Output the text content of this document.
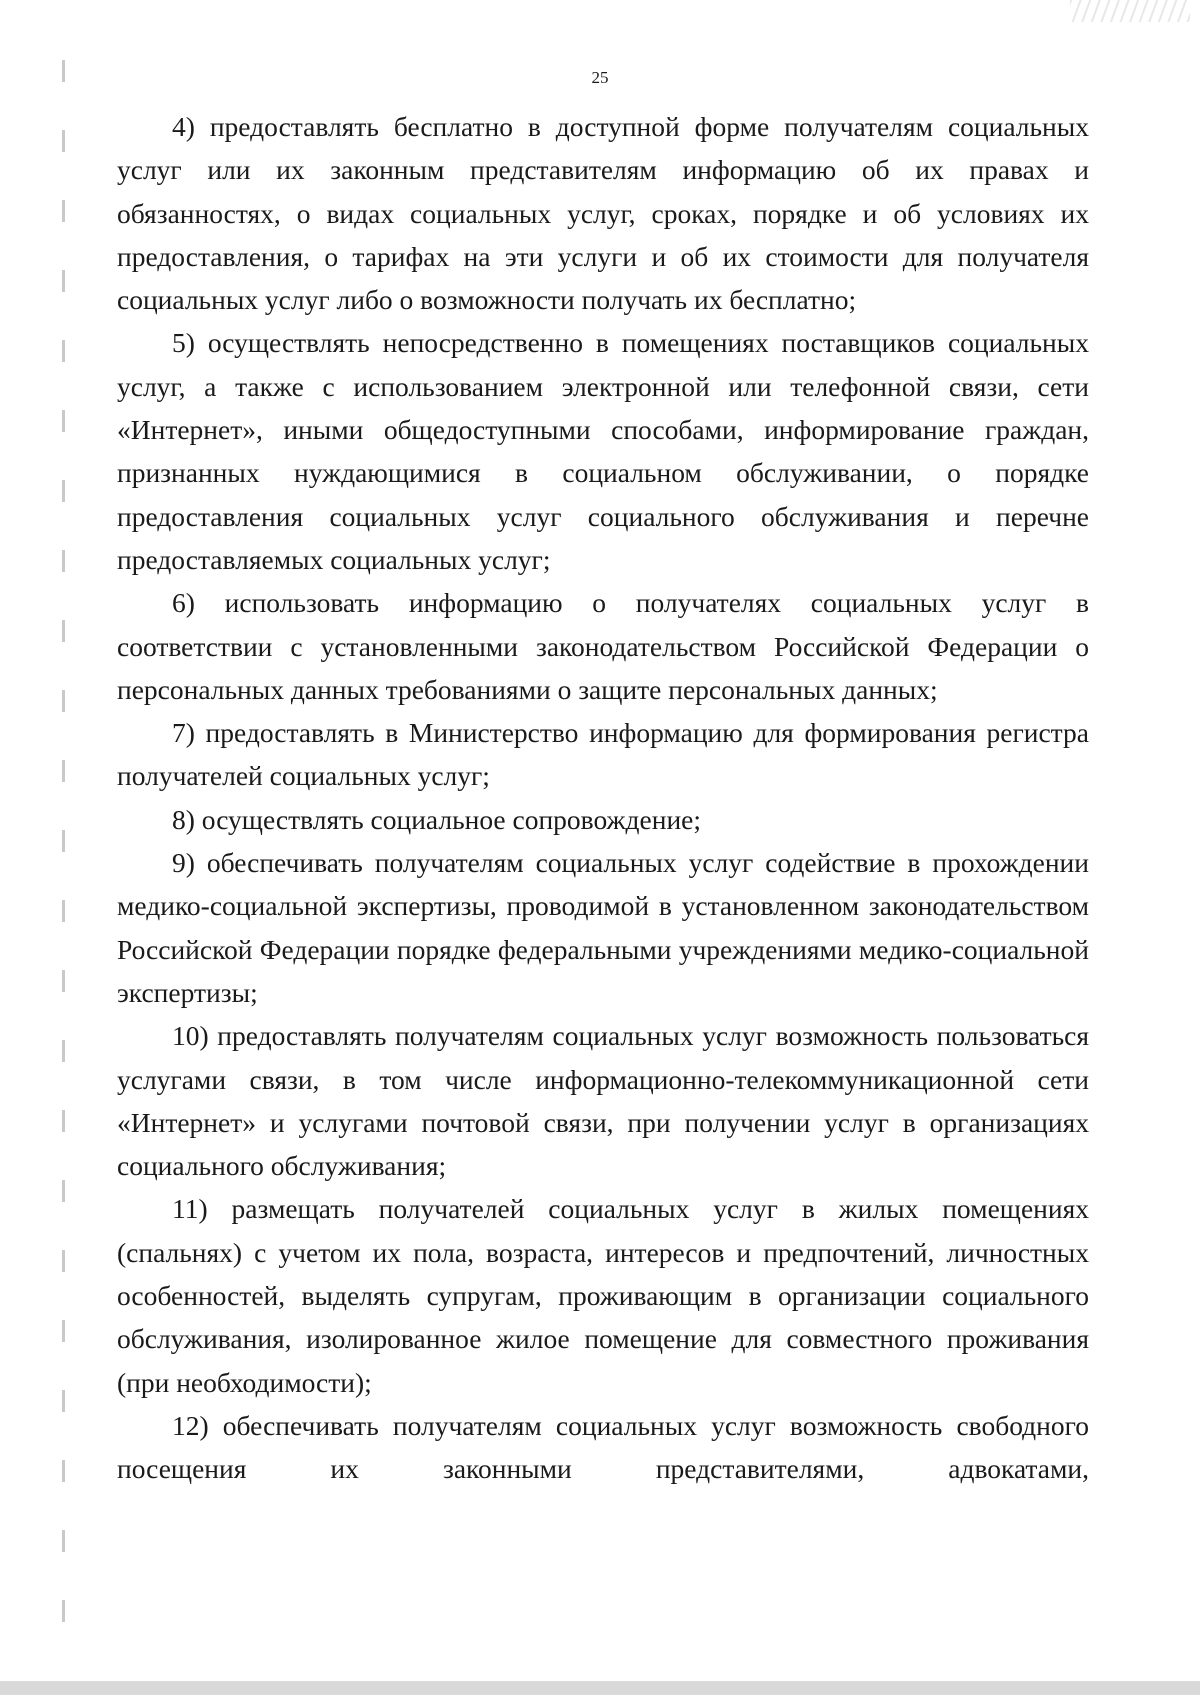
25

4) предоставлять бесплатно в доступной форме получателям социальных услуг или их законным представителям информацию об их правах и обязанностях, о видах социальных услуг, сроках, порядке и об условиях их предоставления, о тарифах на эти услуги и об их стоимости для получателя социальных услуг либо о возможности получать их бесплатно;

5) осуществлять непосредственно в помещениях поставщиков социальных услуг, а также с использованием электронной или телефонной связи, сети «Интернет», иными общедоступными способами, информирование граждан, признанных нуждающимися в социальном обслуживании, о порядке предоставления социальных услуг социального обслуживания и перечне предоставляемых социальных услуг;

6) использовать информацию о получателях социальных услуг в соответствии с установленными законодательством Российской Федерации о персональных данных требованиями о защите персональных данных;

7) предоставлять в Министерство информацию для формирования регистра получателей социальных услуг;

8) осуществлять социальное сопровождение;

9) обеспечивать получателям социальных услуг содействие в прохождении медико-социальной экспертизы, проводимой в установленном законодательством Российской Федерации порядке федеральными учреждениями медико-социальной экспертизы;

10) предоставлять получателям социальных услуг возможность пользоваться услугами связи, в том числе информационно-телекоммуникационной сети «Интернет» и услугами почтовой связи, при получении услуг в организациях социального обслуживания;

11) размещать получателей социальных услуг в жилых помещениях (спальнях) с учетом их пола, возраста, интересов и предпочтений, личностных особенностей, выделять супругам, проживающим в организации социального обслуживания, изолированное жилое помещение для совместного проживания (при необходимости);

12) обеспечивать получателям социальных услуг возможность свободного посещения их законными представителями, адвокатами,
